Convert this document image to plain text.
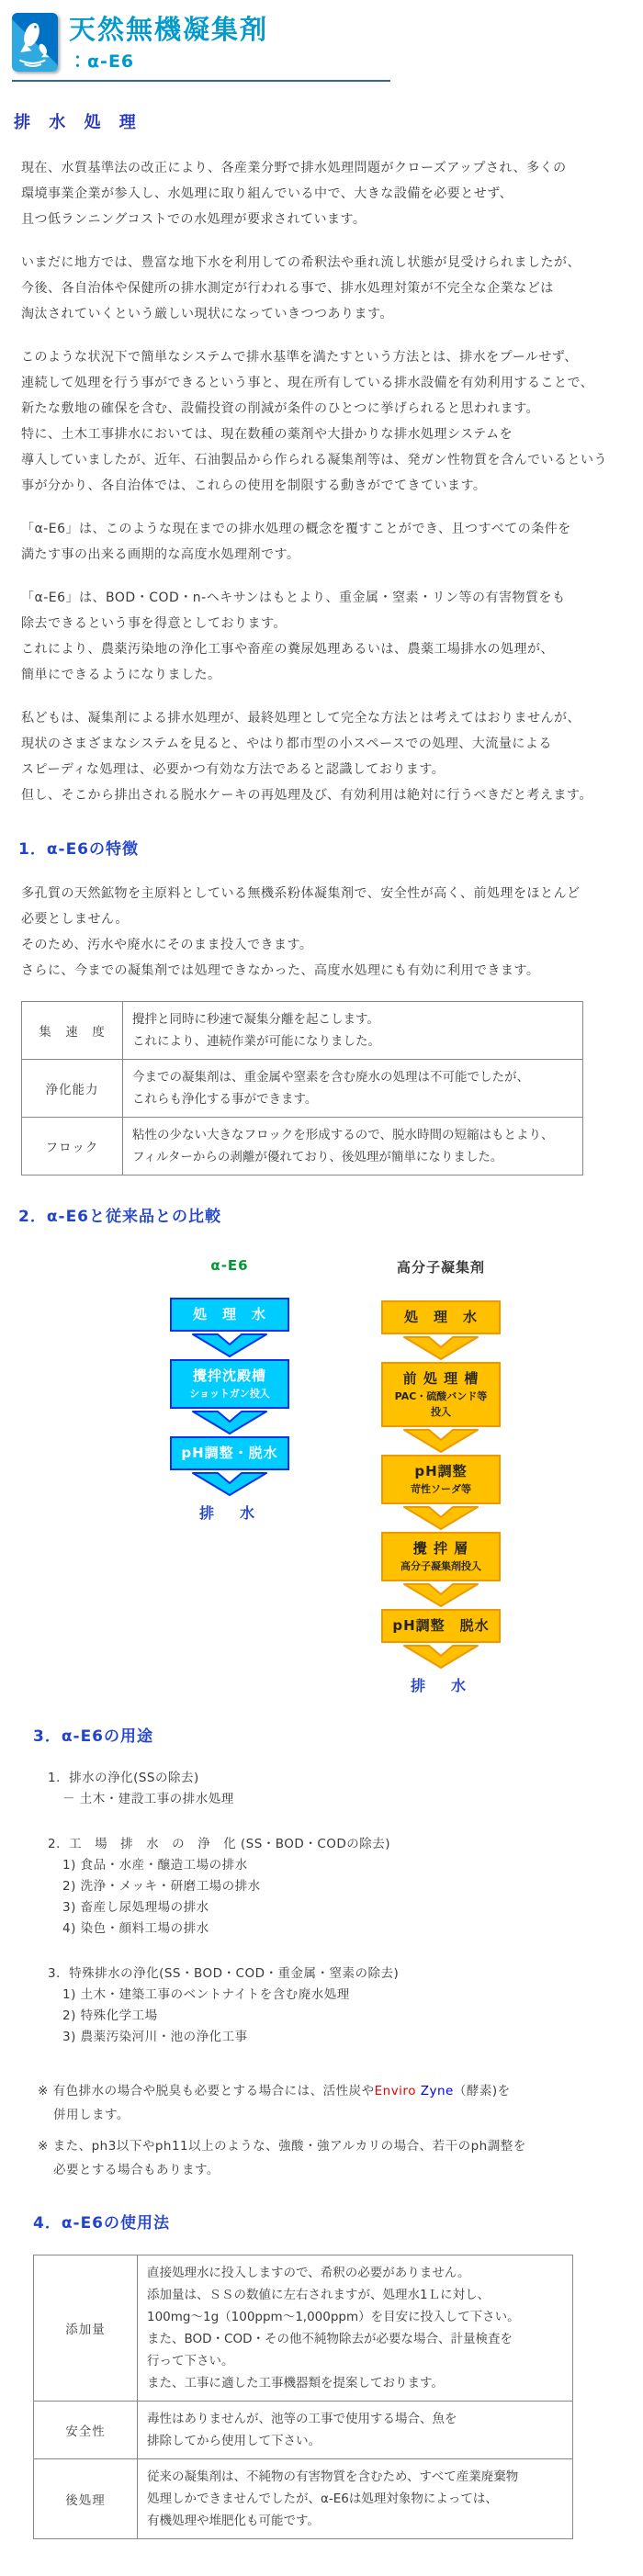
天然無機凝集剤
：α-E6
排 水 処 理
現在、水質基準法の改正により、各産業分野で排水処理問題がクローズアップされ、多くの
環境事業企業が参入し、水処理に取り組んでいる中で、大きな設備を必要とせず、
且つ低ランニングコストでの水処理が要求されています。
いまだに地方では、豊富な地下水を利用しての希釈法や垂れ流し状態が見受けられましたが、
今後、各自治体や保健所の排水測定が行われる事で、排水処理対策が不完全な企業などは
淘汰されていくという厳しい現状になっていきつつあります。
このような状況下で簡単なシステムで排水基準を満たすという方法とは、排水をプールせず、
連続して処理を行う事ができるという事と、現在所有している排水設備を有効利用することで、
新たな敷地の確保を含む、設備投資の削減が条件のひとつに挙げられると思われます。
特に、土木工事排水においては、現在数種の薬剤や大掛かりな排水処理システムを
導入していましたが、近年、石油製品から作られる凝集剤等は、発ガン性物質を含んでいるという
事が分かり、各自治体では、これらの使用を制限する動きがでてきています。
「α-E6」は、このような現在までの排水処理の概念を覆すことができ、且つすべての条件を
満たす事の出来る画期的な高度水処理剤です。
「α-E6」は、BOD・COD・n-ヘキサンはもとより、重金属・窒素・リン等の有害物質をも
除去できるという事を得意としております。
これにより、農薬汚染地の浄化工事や畜産の糞尿処理あるいは、農薬工場排水の処理が、
簡単にできるようになりました。
私どもは、凝集剤による排水処理が、最終処理として完全な方法とは考えてはおりませんが、
現状のさまざまなシステムを見ると、やはり都市型の小スペースでの処理、大流量による
スピーディな処理は、必要かつ有効な方法であると認識しております。
但し、そこから排出される脱水ケーキの再処理及び、有効利用は絶対に行うべきだと考えます。
1．α-E6の特徴
多孔質の天然鉱物を主原料としている無機系粉体凝集剤で、安全性が高く、前処理をほとんど
必要としません。
そのため、汚水や廃水にそのまま投入できます。
さらに、今までの凝集剤では処理できなかった、高度水処理にも有効に利用できます。
集　速　度	攪拌と同時に秒速で凝集分離を起こします。
これにより、連続作業が可能になりました。

浄化能力	今までの凝集剤は、重金属や窒素を含む廃水の処理は不可能でしたが、
これらも浄化する事ができます。

フロック	粘性の少ない大きなフロックを形成するので、脱水時間の短縮はもとより、
フィルターからの剥離が優れており、後処理が簡単になりました。
2．α-E6と従来品との比較
α-E6
処　理　水
攪拌沈殿槽
ショットガン投入
pH調整・脱水
排　水
高分子凝集剤
処　理　水
前 処 理 槽
PAC・硫酸バンド等
投入
pH調整
苛性ソーダ等
攪 拌 層
高分子凝集剤投入
pH調整　脱水
排　水
3．α-E6の用途
1．排水の浄化(SSの除去)
－ 土木・建設工事の排水処理
2．工　場　排　水　の　浄　化 (SS・BOD・CODの除去)
1) 食品・水産・醸造工場の排水
2) 洗浄・メッキ・研磨工場の排水
3) 畜産し尿処理場の排水
4) 染色・顔料工場の排水
3．特殊排水の浄化(SS・BOD・COD・重金属・窒素の除去)
1) 土木・建築工事のベントナイトを含む廃水処理
2) 特殊化学工場
3) 農薬汚染河川・池の浄化工事
※ 有色排水の場合や脱臭も必要とする場合には、活性炭やEnviro Zyne（酵素)を
併用します。
※ また、ph3以下やph11以上のような、強酸・強アルカリの場合、若干のph調整を
必要とする場合もあります。
4．α-E6の使用法
添加量	
直接処理水に投入しますので、希釈の必要がありません。
添加量は、ＳＳの数値に左右されますが、処理水1Ｌに対し、
100mg～1g（100ppm～1,000ppm）を目安に投入して下さい。
また、BOD・COD・その他不純物除去が必要な場合、計量検査を
行って下さい。
また、工事に適した工事機器類を提案しております。

安全性	毒性はありませんが、池等の工事で使用する場合、魚を
排除してから使用して下さい。

後処理	従来の凝集剤は、不純物の有害物質を含むため、すべて産業廃棄物
処理しかできませんでしたが、α-E6は処理対象物によっては、
有機処理や堆肥化も可能です。
